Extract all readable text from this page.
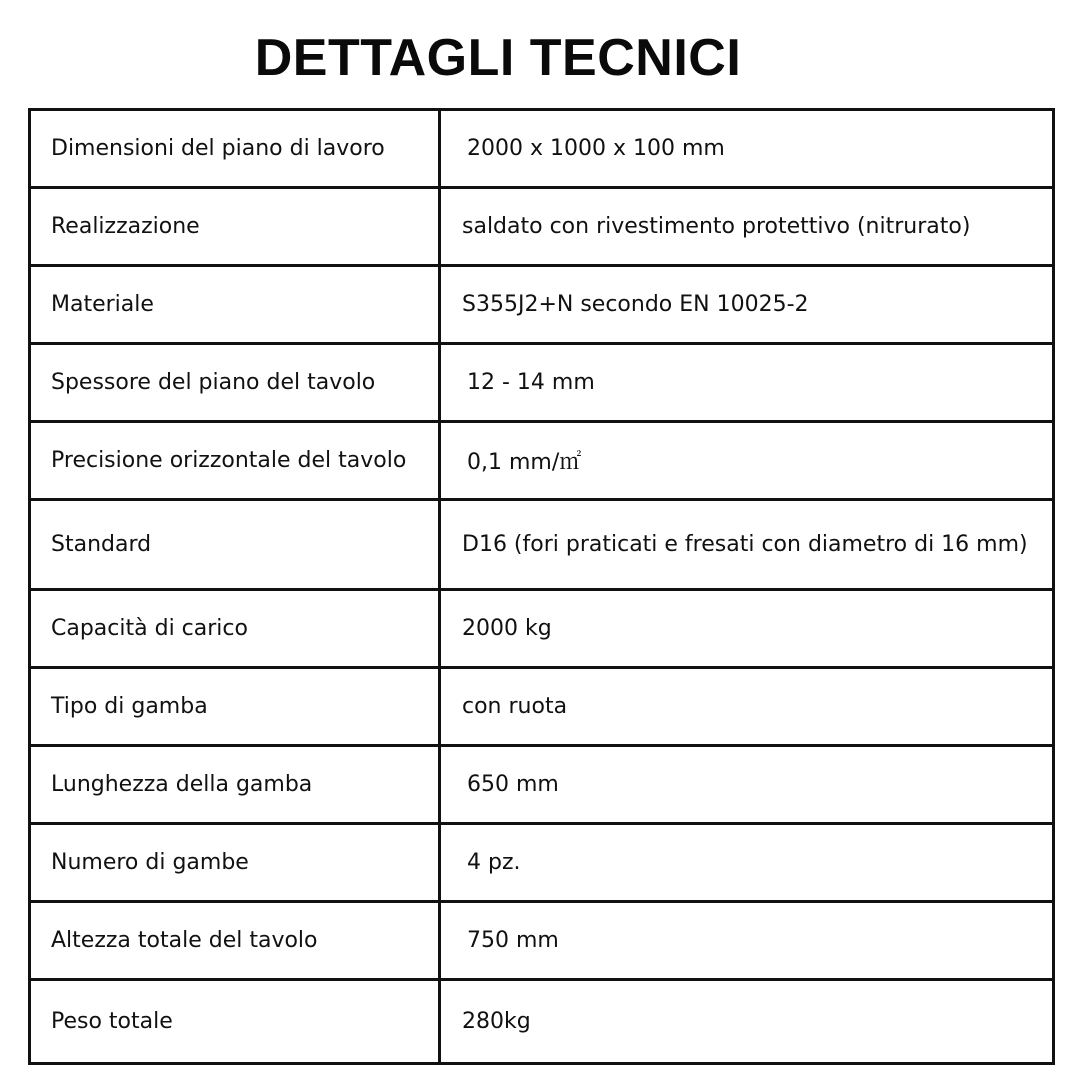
DETTAGLI TECNICI
Dimensioni del piano di lavoro	2000 x 1000 x 100 mm
Realizzazione	saldato con rivestimento protettivo (nitrurato)
Materiale	S355J2+N secondo EN 10025-2
Spessore del piano del tavolo	12 - 14 mm
Precisione orizzontale del tavolo	0,1 mm/㎡
Standard	D16 (fori praticati e fresati con diametro di 16 mm)
Capacità di carico	2000 kg
Tipo di gamba	con ruota
Lunghezza della gamba	650 mm
Numero di gambe	4 pz.
Altezza totale del tavolo	750 mm
Peso totale	280kg
